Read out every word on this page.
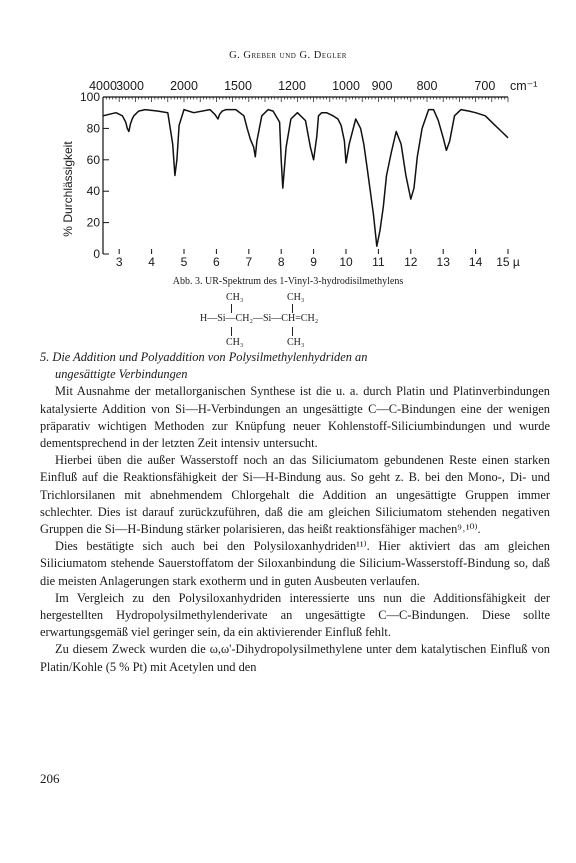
G. Greber und G. Degler
4000 3000 2000 1500 1200 1000 900 800	700 cm⁻¹
0
20
40
60
80
100
3 4 5 6 7 8 9 10 11 12 13 14 15 µ
% Durchlässigkeit
Abb. 3. UR-Spektrum des 1-Vinyl-3-hydrodisilmethylens
CH₃	CH₃
H—Si—CH₂—Si—CH=CH₂
CH₃	CH₃

5. Die Addition und Polyaddition von Polysilmethylenhydriden an

ungesättigte Verbindungen

Mit Ausnahme der metallorganischen Synthese ist die u. a. durch Platin und Platinverbindungen katalysierte Addition von Si—H-Verbindungen an ungesättigte C—C-Bindungen eine der wenigen präparativ wichtigen Methoden zur Knüpfung neuer Kohlenstoff-Siliciumbindungen und wurde dementsprechend in der letzten Zeit intensiv untersucht.

Hierbei üben die außer Wasserstoff noch an das Siliciumatom gebundenen Reste einen starken Einfluß auf die Reaktionsfähigkeit der Si—H-Bindung aus. So geht z. B. bei den Mono-, Di- und Trichlorsilanen mit abnehmendem Chlorgehalt die Addition an ungesättigte Gruppen immer schlechter. Dies ist darauf zurückzuführen, daß die am gleichen Siliciumatom stehenden negativen Gruppen die Si—H-Bindung stärker polarisieren, das heißt reaktionsfähiger machen⁹˒¹⁰⁾.

Dies bestätigte sich auch bei den Polysiloxanhydriden¹¹⁾. Hier aktiviert das am gleichen Siliciumatom stehende Sauerstoffatom der Siloxanbindung die Silicium-Wasserstoff-Bindung so, daß die meisten Anlagerungen stark exotherm und in guten Ausbeuten verlaufen.

Im Vergleich zu den Polysiloxanhydriden interessierte uns nun die Additionsfähigkeit der hergestellten Hydropolysilmethylenderivate an ungesättigte C—C-Bindungen. Diese sollte erwartungsgemäß viel geringer sein, da ein aktivierender Einfluß fehlt.

Zu diesem Zweck wurden die ω,ω'-Dihydropolysilmethylene unter dem katalytischen Einfluß von Platin/Kohle (5 % Pt) mit Acetylen und den

206
